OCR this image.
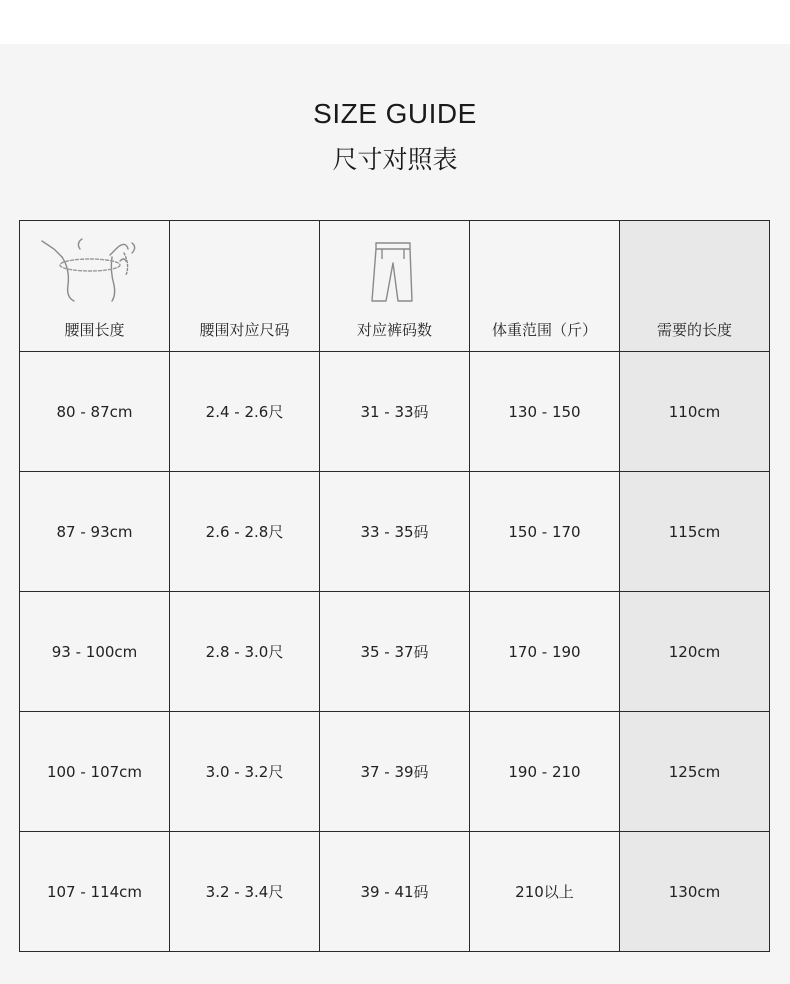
SIZE GUIDE
尺寸对照表
腰围长度	腰围对应尺码	对应裤码数	体重范围（斤）	需要的长度

80 - 87cm	2.4 - 2.6尺	31 - 33码	130 - 150	110cm
87 - 93cm	2.6 - 2.8尺	33 - 35码	150 - 170	115cm
93 - 100cm	2.8 - 3.0尺	35 - 37码	170 - 190	120cm
100 - 107cm	3.0 - 3.2尺	37 - 39码	190 - 210	125cm
107 - 114cm	3.2 - 3.4尺	39 - 41码	210以上	130cm
